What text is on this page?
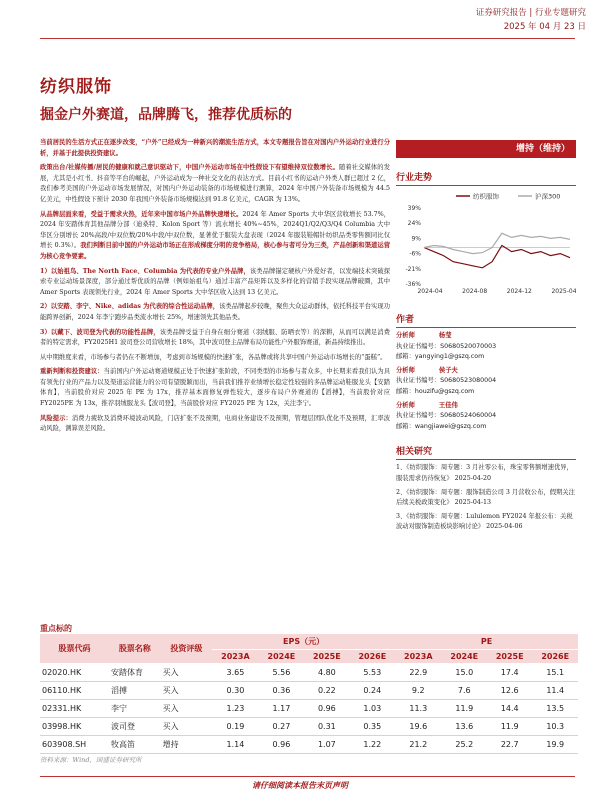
证券研究报告 | 行业专题研究
2025 年 04 月 23 日
纺织服饰
掘金户外赛道，品牌腾飞，推荐优质标的

当前居民的生活方式正在逐步改变，“户外”已经成为一种新兴的潮流生活方式，本文专题报告旨在对国内户外运动行业进行分析，并基于此提供投资建议。

政策出台/社媒传播/居民的健康和就己意识驱动下，中国户外运动市场在中性假设下有望维持双位数增长。随着社交媒体的发展，尤其是小红书、抖音等平台的崛起，户外运动成为一种社交文化的表达方式。目前小红书的运动户外类人群已超过 2 亿，我们参考美国的户外运动市场发展情况，对国内户外运动装备的市场规模进行测算，2024 年中国户外装备市场规模为 44.5 亿美元，中性假设下预计 2030 年我国户外装备市场规模达到 91.8 亿美元，CAGR 为 13%。

从品牌层面来看，受益于需求火热，近年来中国市场户外品牌快速增长。2024 年 Amer Sports 大中华区营收增长 53.7%，2024 年安踏体育其他品牌分部（迪桑特、Kolon Sport 等）流水增长 40%~45%，2024Q1/Q2/Q3/Q4 Columbia 大中华区分别增长 20%高段/中双位数/20%中段/中双位数，显著优于服装大盘表现（2024 年服装鞋帽针纺织品类零售额同比仅增长 0.3%）。我们判断目前中国的户外运动市场正在形成梯度分明的竞争格局，核心参与者可分为三类，产品创新和渠道运营为核心竞争要素。

1）以始祖鸟、The North Face、Columbia 为代表的专业户外品牌，该类品牌锚定硬核户外爱好者，以发端技术突破探索专业运动场景深度，部分通过帮优质的品牌（例如始祖鸟）通过丰富产品矩阵以及多样化的营销手段实现品牌破圈，其中 Amer Sports 表现领先行业，2024 年 Amer Sports 大中华区收入达到 13 亿美元。

2）以安踏、李宁、Nike、adidas 为代表的综合性运动品牌，该类品牌起步较晚，聚焦大众运动群体，依托科技平台实现功能跨界创新，2024 年李宁跑步品类流水增长 25%，增速领先其他品类。

3）以藏下、波司登为代表的功能性品牌，该类品牌受益于自身在细分赛道（羽绒服、防晒衣等）的深耕，从而可以满足消费者的特定需求，FY2025H1 波司登公司营收增长 18%，其中波司登主品牌布局功能性户外服饰赛道，新品持续推出。

从中期维度来看，市场参与者仍在不断增加，考虑到市场规模的快速扩张，各品牌或将共享中国户外运动市场增长的“蛋糕”。

重新判断和投资建议：当前国内户外运动赛道规模正处于快速扩张阶段，不同类型的市场参与者众多，中长期来看我们认为具有领先行业的产品力以及渠道运营能力的公司有望脱颖而出，当前我们推荐业绩增长稳定性较强的多品牌运动鞋服龙头【安踏体育】，当前股价对应 2025 年 PE 为 17x，推荐基本面修复弹性较大，逐步布局户外赛道的【滔搏】，当前股价对应 FY2025PE 为 13x，推荐羽绒服龙头【波司登】，当前股价对应 FY2025 PE 为 12x，关注李宁。

风险提示：消费力疲软及消费环境波动风险，门店扩张不及预期，电商业务建设不及预期，管理层团队优化不及预期，汇率波动风险，测算误差风险。

增持（维持）
行业走势
纺织服饰	沪深300
39%
24%
9%
-6%
-21%
-36%
2024-04	2024-08	2024-12	2025-04
作者
分析师	杨莹
执业证书编号：S0680520070003
邮箱：yangying1@gszq.com
分析师	侯子夫
执业证书编号：S0680523080004
邮箱：houzifu@gszq.com
分析师	王佳伟
执业证书编号：S0680524060004
邮箱：wangjiawei@gszq.com
相关研究
1、《纺织服饰：周专题：3 月社零公布，珠宝零售额增速优异，服装需求仍待恢复》 2025-04-20
2、《纺织服饰：周专题：服饰制造公司 3 月营收公布，假期关注后续关税政策变化》 2025-04-13
3、《纺织服饰：周专题：Lululemon FY2024 年报公布：关税波动对服饰制造板块影响讨论》 2025-04-06
重点标的
股票代码	股票名称	投资评级	EPS（元）				PE			
			2023A	2024E	2025E	2026E	2023A	2024E	2025E	2026E
02020.HK	安踏体育	买入	3.65	5.56	4.80	5.53	22.9	15.0	17.4	15.1
06110.HK	滔搏	买入	0.30	0.36	0.22	0.24	9.2	7.6	12.6	11.4
02331.HK	李宁	买入	1.23	1.17	0.96	1.03	11.3	11.9	14.4	13.5
03998.HK	波司登	买入	0.19	0.27	0.31	0.35	19.6	13.6	11.9	10.3
603908.SH	牧高笛	增持	1.14	0.96	1.07	1.22	21.2	25.2	22.7	19.9
资料来源：Wind，国盛证券研究所
请仔细阅读本报告末页声明
